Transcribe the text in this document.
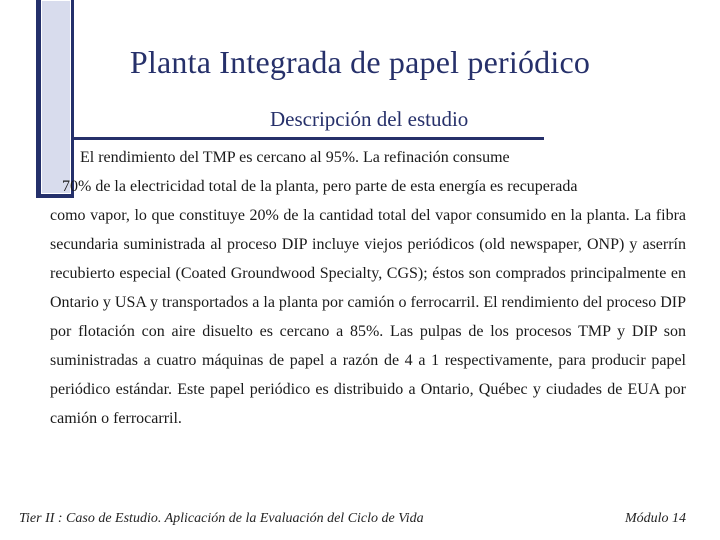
Planta Integrada de papel periódico
Descripción del estudio

El rendimiento del TMP es cercano al 95%. La refinación consume
70% de la electricidad total de la planta, pero parte de esta energía es recuperada
como vapor, lo que constituye 20% de la cantidad total del vapor consumido en la planta. La fibra secundaria suministrada al proceso DIP incluye viejos periódicos (old newspaper, ONP) y aserrín recubierto especial (Coated Groundwood Specialty, CGS); éstos son comprados principalmente en Ontario y USA y transportados a la planta por camión o ferrocarril. El rendimiento del proceso DIP por flotación con aire disuelto es cercano a 85%. Las pulpas de los procesos TMP y DIP son suministradas a cuatro máquinas de papel a razón de 4 a 1 respectivamente, para producir papel periódico estándar. Este papel periódico es distribuido a Ontario, Québec y ciudades de EUA por camión o ferrocarril.

Tier II : Caso de Estudio. Aplicación de la Evaluación del Ciclo de Vida	Módulo 14
